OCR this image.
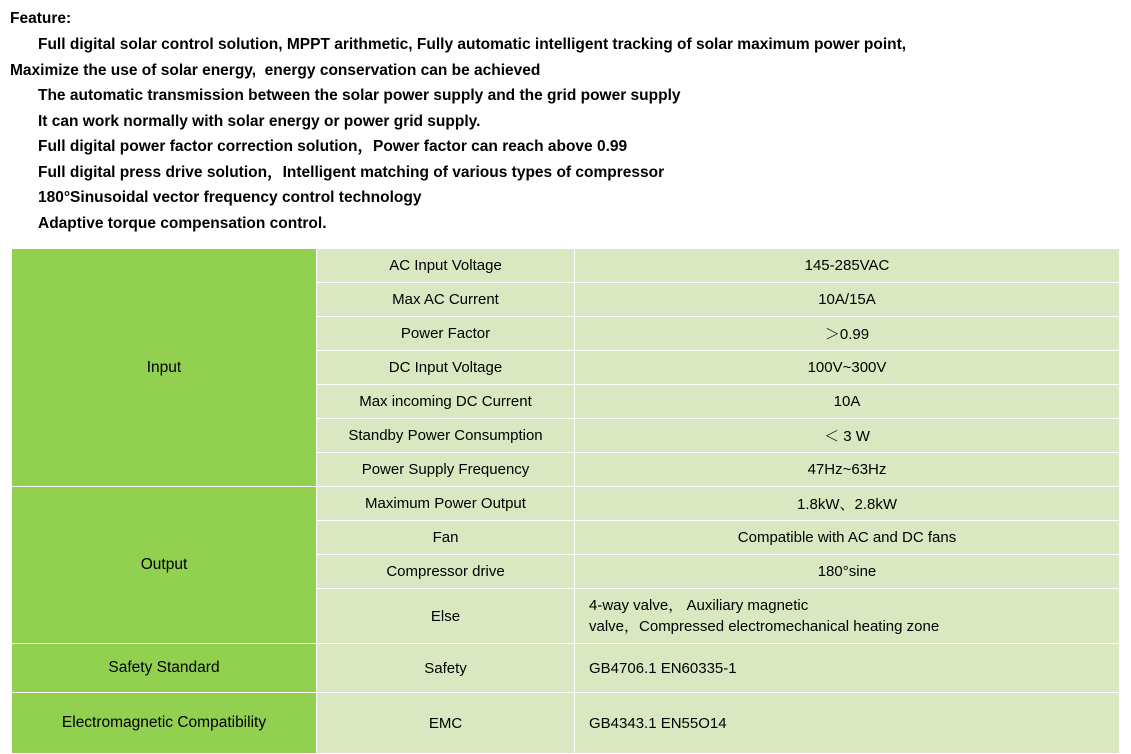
Feature:
Full digital solar control solution, MPPT arithmetic, Fully automatic intelligent tracking of solar maximum power point,
Maximize the use of solar energy,  energy conservation can be achieved
The automatic transmission between the solar power supply and the grid power supply
It can work normally with solar energy or power grid supply.
Full digital power factor correction solution，Power factor can reach above 0.99
Full digital press drive solution，Intelligent matching of various types of compressor
180°Sinusoidal vector frequency control technology
Adaptive torque compensation control.
Input	AC Input Voltage	145-285VAC
	Max AC Current	10A/15A
	Power Factor	＞0.99
	DC Input Voltage	100V~300V
	Max incoming DC Current	10A
	Standby Power Consumption	＜ 3 W
	Power Supply Frequency	47Hz~63Hz
Output	Maximum Power Output	1.8kW、2.8kW
	Fan	Compatible with AC and DC fans
	Compressor drive	180°sine
	Else	4-way valve， Auxiliary magnetic
valve，Compressed electromechanical heating zone

Safety Standard	Safety	GB4706.1 EN60335-1
Electromagnetic Compatibility	EMC	GB4343.1 EN55O14
